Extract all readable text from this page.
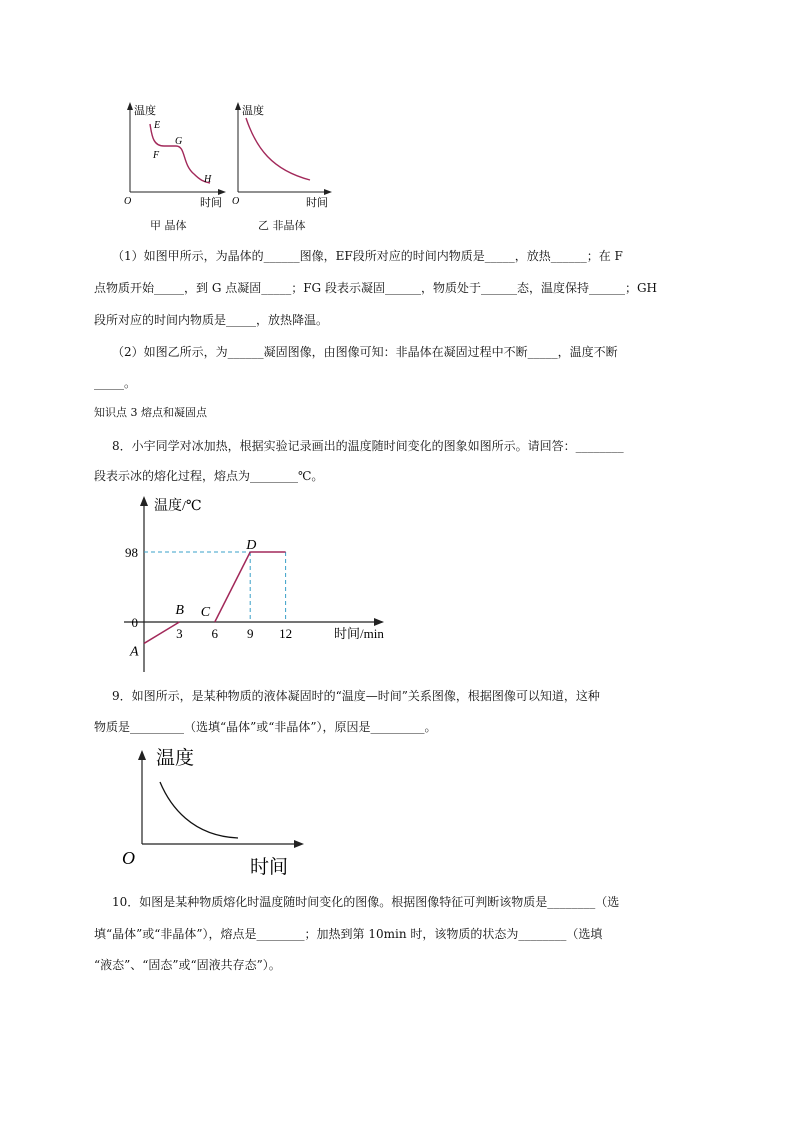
温度
E
F
G
H
O	时间
甲 晶体
温度
O	时间
乙 非晶体
（1）如图甲所示，为晶体的______图像，EF段所对应的时间内物质是_____，放热______；在 F
点物质开始_____，到 G 点凝固_____；FG 段表示凝固______，物质处于______态，温度保持______；GH
段所对应的时间内物质是_____，放热降温。
（2）如图乙所示，为______凝固图像，由图像可知：非晶体在凝固过程中不断_____，温度不断
_____。
知识点 3 熔点和凝固点
8．小宇同学对冰加热，根据实验记录画出的温度随时间变化的图象如图所示。请回答：________
段表示冰的熔化过程，熔点为________℃。
A
B C
D
3 6 9 12
98
0
温度/℃
时间/min
9．如图所示，是某种物质的液体凝固时的“温度—时间”关系图像，根据图像可以知道，这种
物质是_________（选填“晶体”或“非晶体”），原因是_________。
温度
O	时间
10．如图是某种物质熔化时温度随时间变化的图像。根据图像特征可判断该物质是________（选
填“晶体”或“非晶体”），熔点是________；加热到第 10min 时，该物质的状态为________（选填
“液态”、“固态”或“固液共存态”）。
